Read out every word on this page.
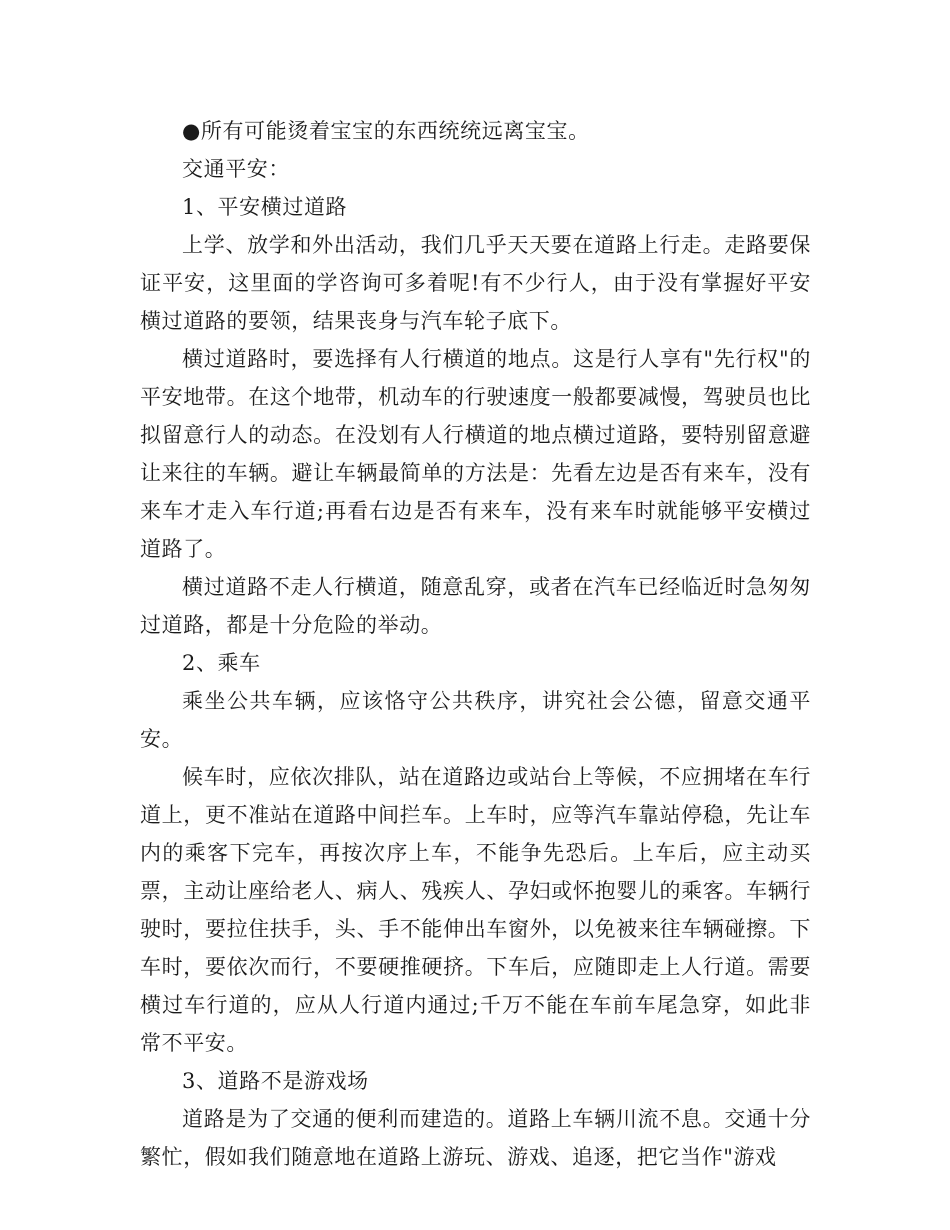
●所有可能烫着宝宝的东西统统远离宝宝。

交通平安：

1、平安横过道路

上学、放学和外出活动，我们几乎天天要在道路上行走。走路要保证平安，这里面的学咨询可多着呢!有不少行人，由于没有掌握好平安横过道路的要领，结果丧身与汽车轮子底下。

横过道路时，要选择有人行横道的地点。这是行人享有"先行权"的平安地带。在这个地带，机动车的行驶速度一般都要减慢，驾驶员也比拟留意行人的动态。在没划有人行横道的地点横过道路，要特别留意避让来往的车辆。避让车辆最简单的方法是：先看左边是否有来车，没有来车才走入车行道;再看右边是否有来车，没有来车时就能够平安横过道路了。

横过道路不走人行横道，随意乱穿，或者在汽车已经临近时急匆匆过道路，都是十分危险的举动。

2、乘车

乘坐公共车辆，应该恪守公共秩序，讲究社会公德，留意交通平安。

候车时，应依次排队，站在道路边或站台上等候，不应拥堵在车行道上，更不准站在道路中间拦车。上车时，应等汽车靠站停稳，先让车内的乘客下完车，再按次序上车，不能争先恐后。上车后，应主动买票，主动让座给老人、病人、残疾人、孕妇或怀抱婴儿的乘客。车辆行驶时，要拉住扶手，头、手不能伸出车窗外，以免被来往车辆碰擦。下车时，要依次而行，不要硬推硬挤。下车后，应随即走上人行道。需要横过车行道的，应从人行道内通过;千万不能在车前车尾急穿，如此非常不平安。

3、道路不是游戏场

道路是为了交通的便利而建造的。道路上车辆川流不息。交通十分繁忙，假如我们随意地在道路上游玩、游戏、追逐，把它当作"游戏
